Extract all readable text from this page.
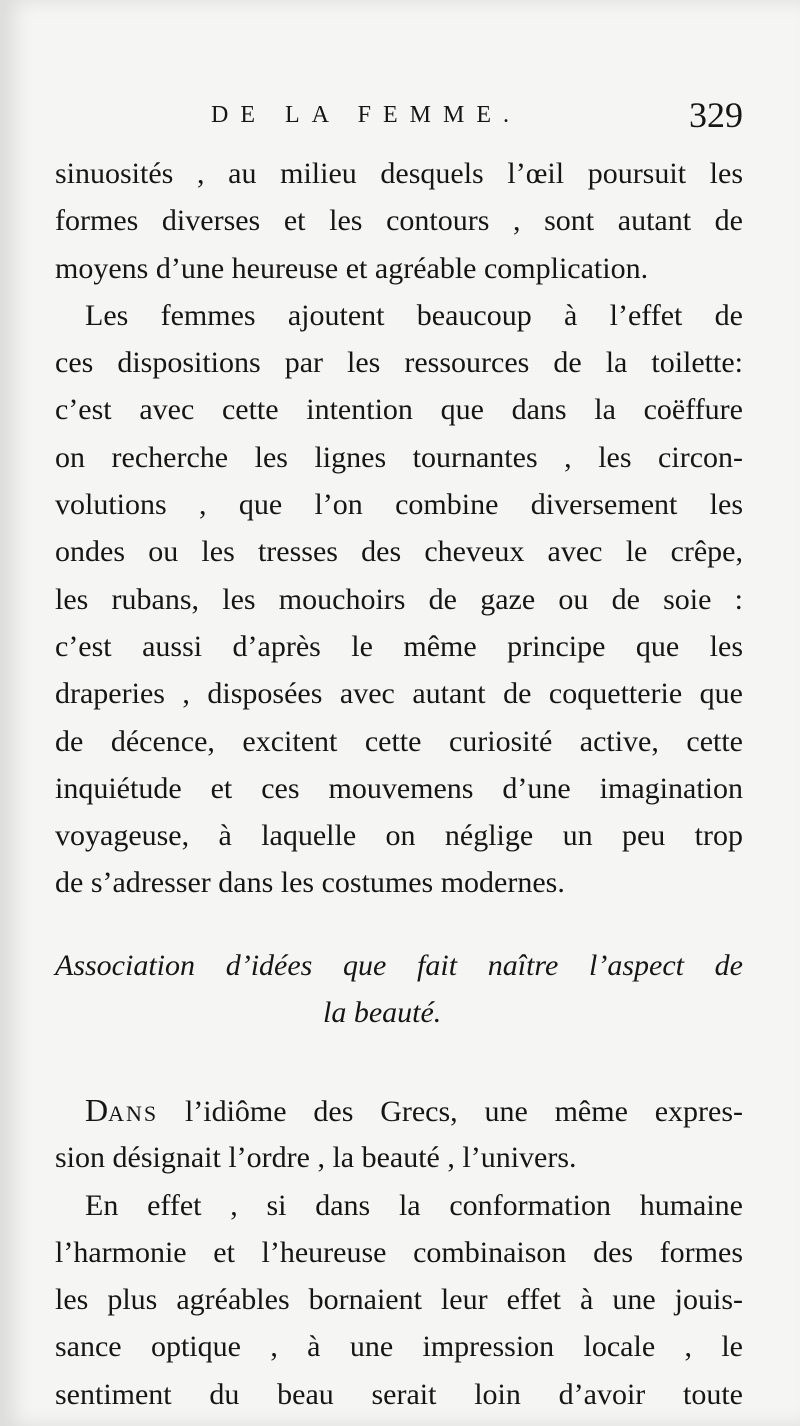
DE LA FEMME.	329
sinuosités , au milieu desquels l’œil poursuit les
formes diverses et les contours , sont autant de
moyens d’une heureuse et agréable complication.
Les femmes ajoutent beaucoup à l’effet de
ces dispositions par les ressources de la toilette:
c’est avec cette intention que dans la coëffure
on recherche les lignes tournantes , les circon-
volutions , que l’on combine diversement les
ondes ou les tresses des cheveux avec le crêpe,
les rubans, les mouchoirs de gaze ou de soie :
c’est aussi d’après le même principe que les
draperies , disposées avec autant de coquetterie que
de décence, excitent cette curiosité active, cette
inquiétude et ces mouvemens d’une imagination
voyageuse, à laquelle on néglige un peu trop
de s’adresser dans les costumes modernes.
Association d’idées que fait naître l’aspect de
la beauté.
DANS l’idiôme des Grecs, une même expres-
sion désignait l’ordre , la beauté , l’univers.
En effet , si dans la conformation humaine
l’harmonie et l’heureuse combinaison des formes
les plus agréables bornaient leur effet à une jouis-
sance optique , à une impression locale , le
sentiment du beau serait loin d’avoir toute
